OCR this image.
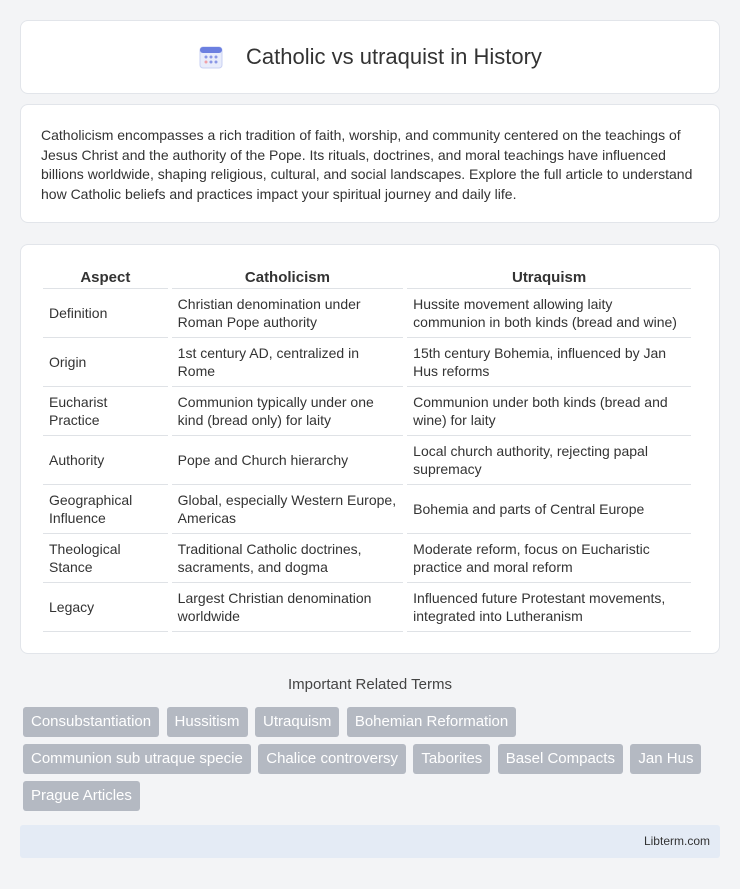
Catholic vs utraquist in History

Catholicism encompasses a rich tradition of faith, worship, and community centered on the teachings of Jesus Christ and the authority of the Pope. Its rituals, doctrines, and moral teachings have influenced billions worldwide, shaping religious, cultural, and social landscapes. Explore the full article to understand how Catholic beliefs and practices impact your spiritual journey and daily life.

Aspect	Catholicism	Utraquism
Definition	Christian denomination under Roman Pope authority	Hussite movement allowing laity communion in both kinds (bread and wine)
Origin	1st century AD, centralized in Rome	15th century Bohemia, influenced by Jan Hus reforms
Eucharist Practice	Communion typically under one kind (bread only) for laity	Communion under both kinds (bread and wine) for laity
Authority	Pope and Church hierarchy	Local church authority, rejecting papal supremacy
Geographical Influence	Global, especially Western Europe, Americas	Bohemia and parts of Central Europe
Theological Stance	Traditional Catholic doctrines, sacraments, and dogma	Moderate reform, focus on Eucharistic practice and moral reform
Legacy	Largest Christian denomination worldwide	Influenced future Protestant movements, integrated into Lutheranism
Important Related Terms
Consubstantiation Hussitism Utraquism Bohemian Reformation Communion sub utraque specie Chalice controversy Taborites Basel Compacts Jan Hus Prague Articles
Libterm.com
